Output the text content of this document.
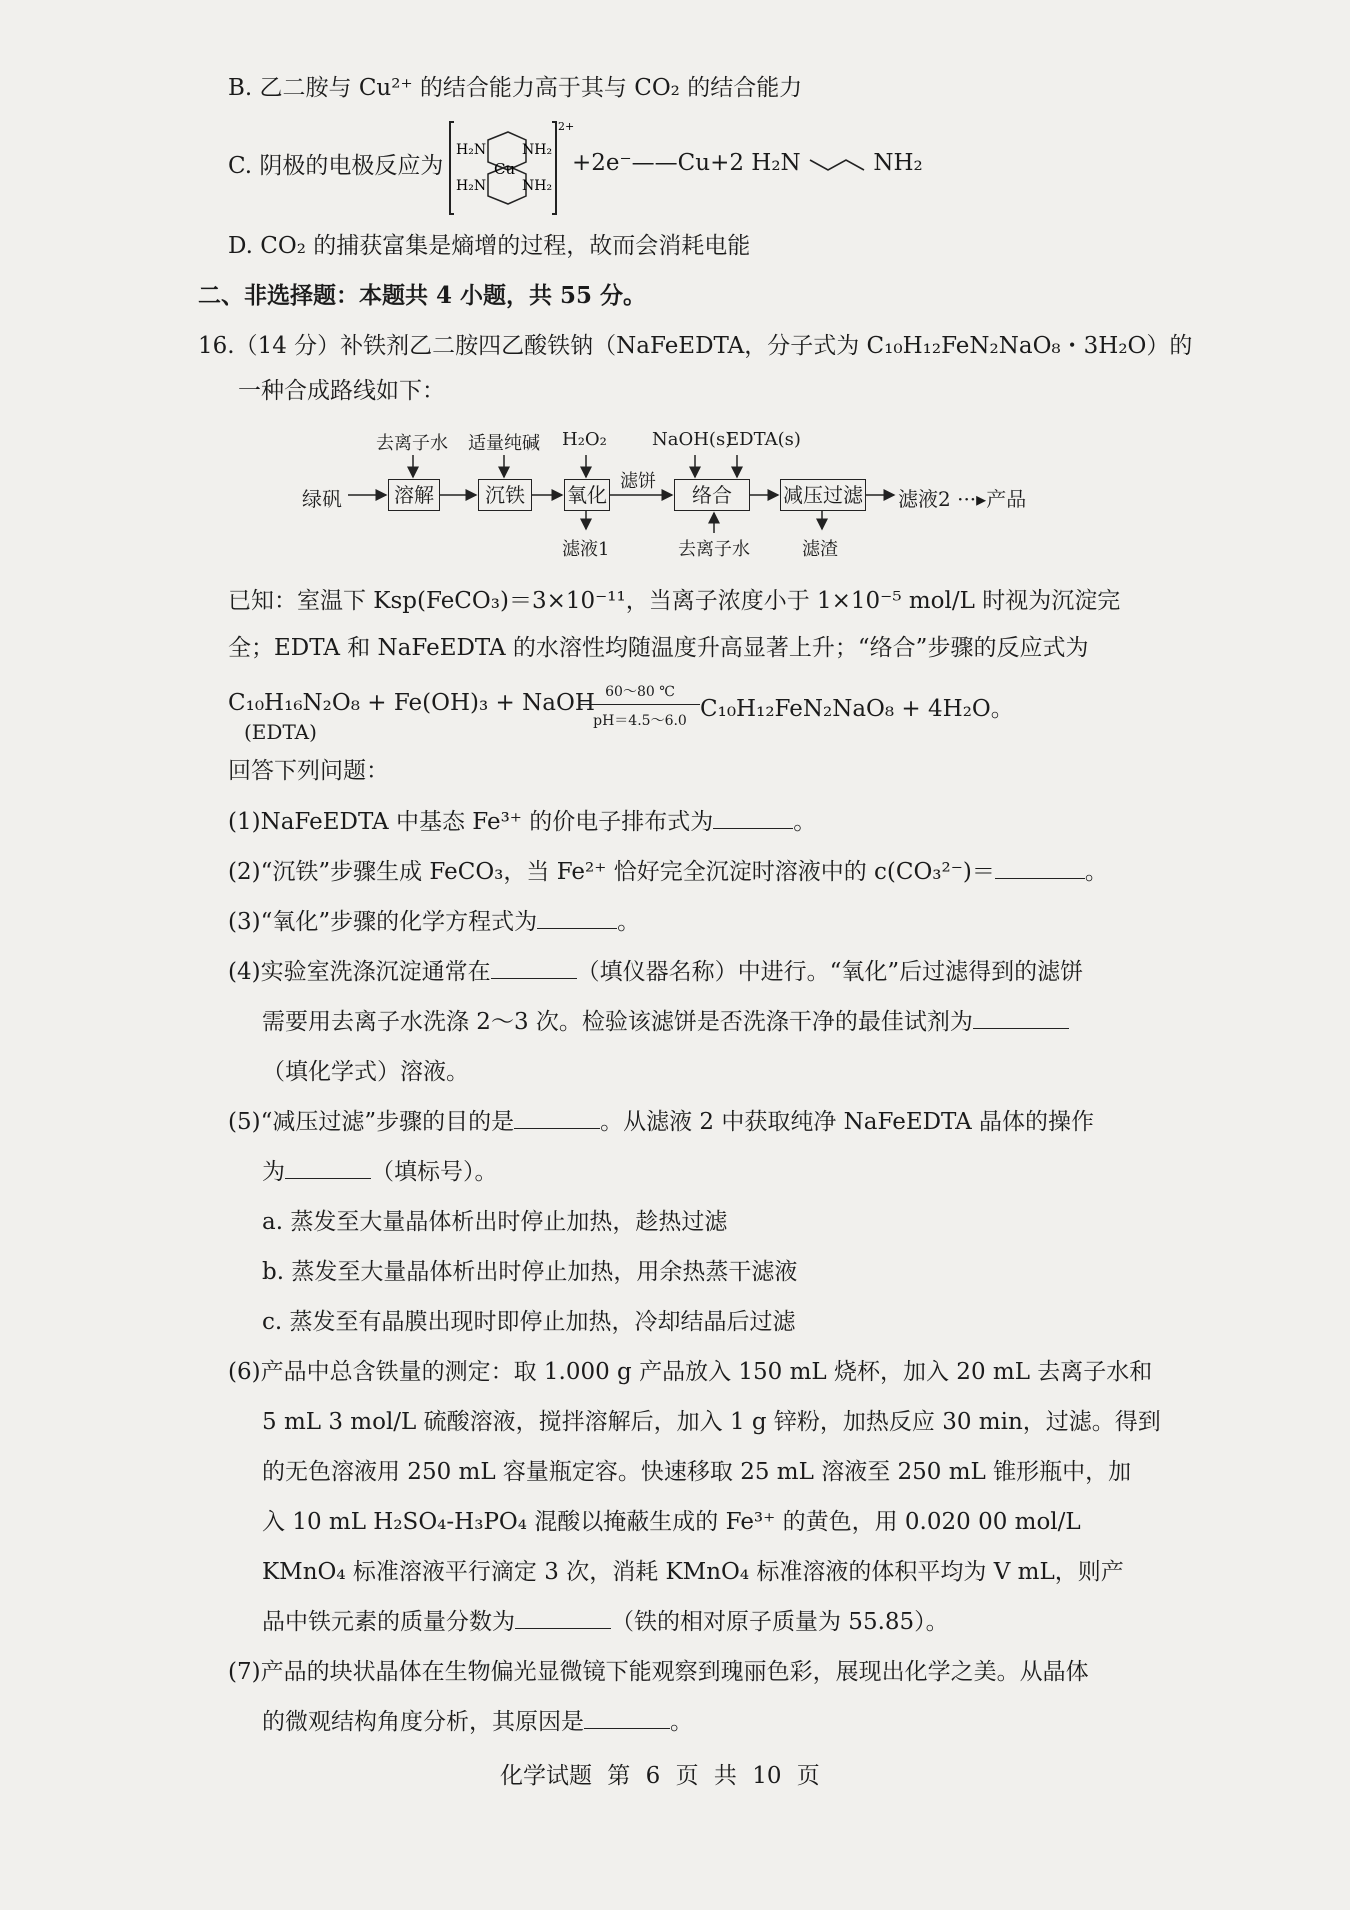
B. 乙二胺与 Cu²⁺ 的结合能力高于其与 CO₂ 的结合能力
C. 阴极的电极反应为
H₂N	NH₂
H₂N	NH₂
Cu
2+
+2e⁻——Cu+2 H₂N	NH₂
D. CO₂ 的捕获富集是熵增的过程，故而会消耗电能
二、非选择题：本题共 4 小题，共 55 分。
16.（14 分）补铁剂乙二胺四乙酸铁钠（NaFeEDTA，分子式为 C₁₀H₁₂FeN₂NaO₈・3H₂O）的
一种合成路线如下：
去离子水 适量纯碱 H₂O₂	NaOH(s)
EDTA(s)
绿矾	溶解	沉铁	氧化
滤饼
络合	减压过滤 滤液2 ···▸产品
滤液1	去离子水	滤渣
已知：室温下 Ksp(FeCO₃)＝3×10⁻¹¹，当离子浓度小于 1×10⁻⁵ mol/L 时视为沉淀完
全；EDTA 和 NaFeEDTA 的水溶性均随温度升高显著上升；“络合”步骤的反应式为
C₁₀H₁₆N₂O₈ + Fe(OH)₃ + NaOH 60～80 ℃
pH＝4.5～6.0 C₁₀H₁₂FeN₂NaO₈ + 4H₂O。
(EDTA)
回答下列问题：
(1)NaFeEDTA 中基态 Fe³⁺ 的价电子排布式为	。
(2)“沉铁”步骤生成 FeCO₃，当 Fe²⁺ 恰好完全沉淀时溶液中的 c(CO₃²⁻)＝	。
(3)“氧化”步骤的化学方程式为	。
(4)实验室洗涤沉淀通常在	（填仪器名称）中进行。“氧化”后过滤得到的滤饼
需要用去离子水洗涤 2～3 次。检验该滤饼是否洗涤干净的最佳试剂为
（填化学式）溶液。
(5)“减压过滤”步骤的目的是	。从滤液 2 中获取纯净 NaFeEDTA 晶体的操作
为	（填标号）。
a. 蒸发至大量晶体析出时停止加热，趁热过滤
b. 蒸发至大量晶体析出时停止加热，用余热蒸干滤液
c. 蒸发至有晶膜出现时即停止加热，冷却结晶后过滤
(6)产品中总含铁量的测定：取 1.000 g 产品放入 150 mL 烧杯，加入 20 mL 去离子水和
5 mL 3 mol/L 硫酸溶液，搅拌溶解后，加入 1 g 锌粉，加热反应 30 min，过滤。得到
的无色溶液用 250 mL 容量瓶定容。快速移取 25 mL 溶液至 250 mL 锥形瓶中，加
入 10 mL H₂SO₄-H₃PO₄ 混酸以掩蔽生成的 Fe³⁺ 的黄色，用 0.020 00 mol/L
KMnO₄ 标准溶液平行滴定 3 次，消耗 KMnO₄ 标准溶液的体积平均为 V mL，则产
品中铁元素的质量分数为	（铁的相对原子质量为 55.85）。
(7)产品的块状晶体在生物偏光显微镜下能观察到瑰丽色彩，展现出化学之美。从晶体
的微观结构角度分析，其原因是	。
化学试题 第 6 页 共 10 页
